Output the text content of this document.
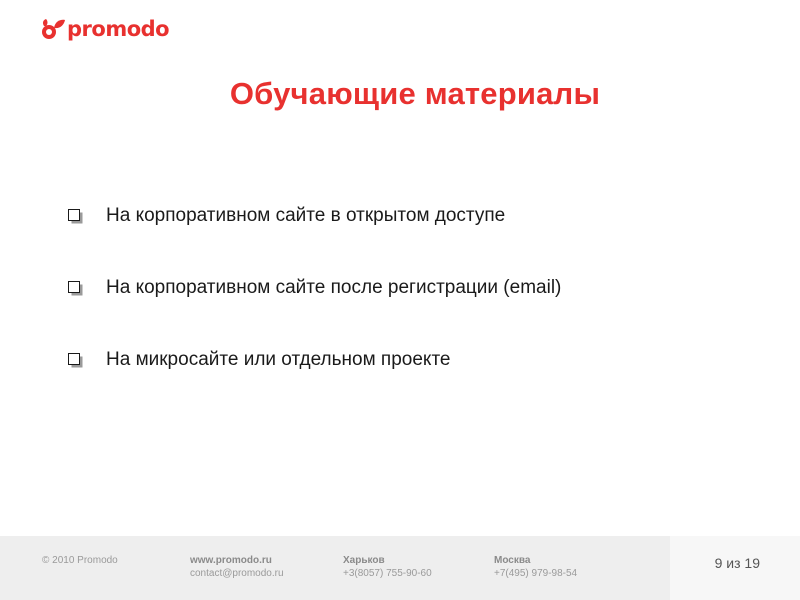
promodo
Обучающие материалы
На корпоративном сайте в открытом доступе
На корпоративном сайте после регистрации (email)
На микросайте или отдельном проекте
© 2010 Promodo	www.promodo.ru
contact@promodo.ru
Харьков
+3(8057) 755-90-60
Москва
+7(495) 979-98-54
9 из 19
